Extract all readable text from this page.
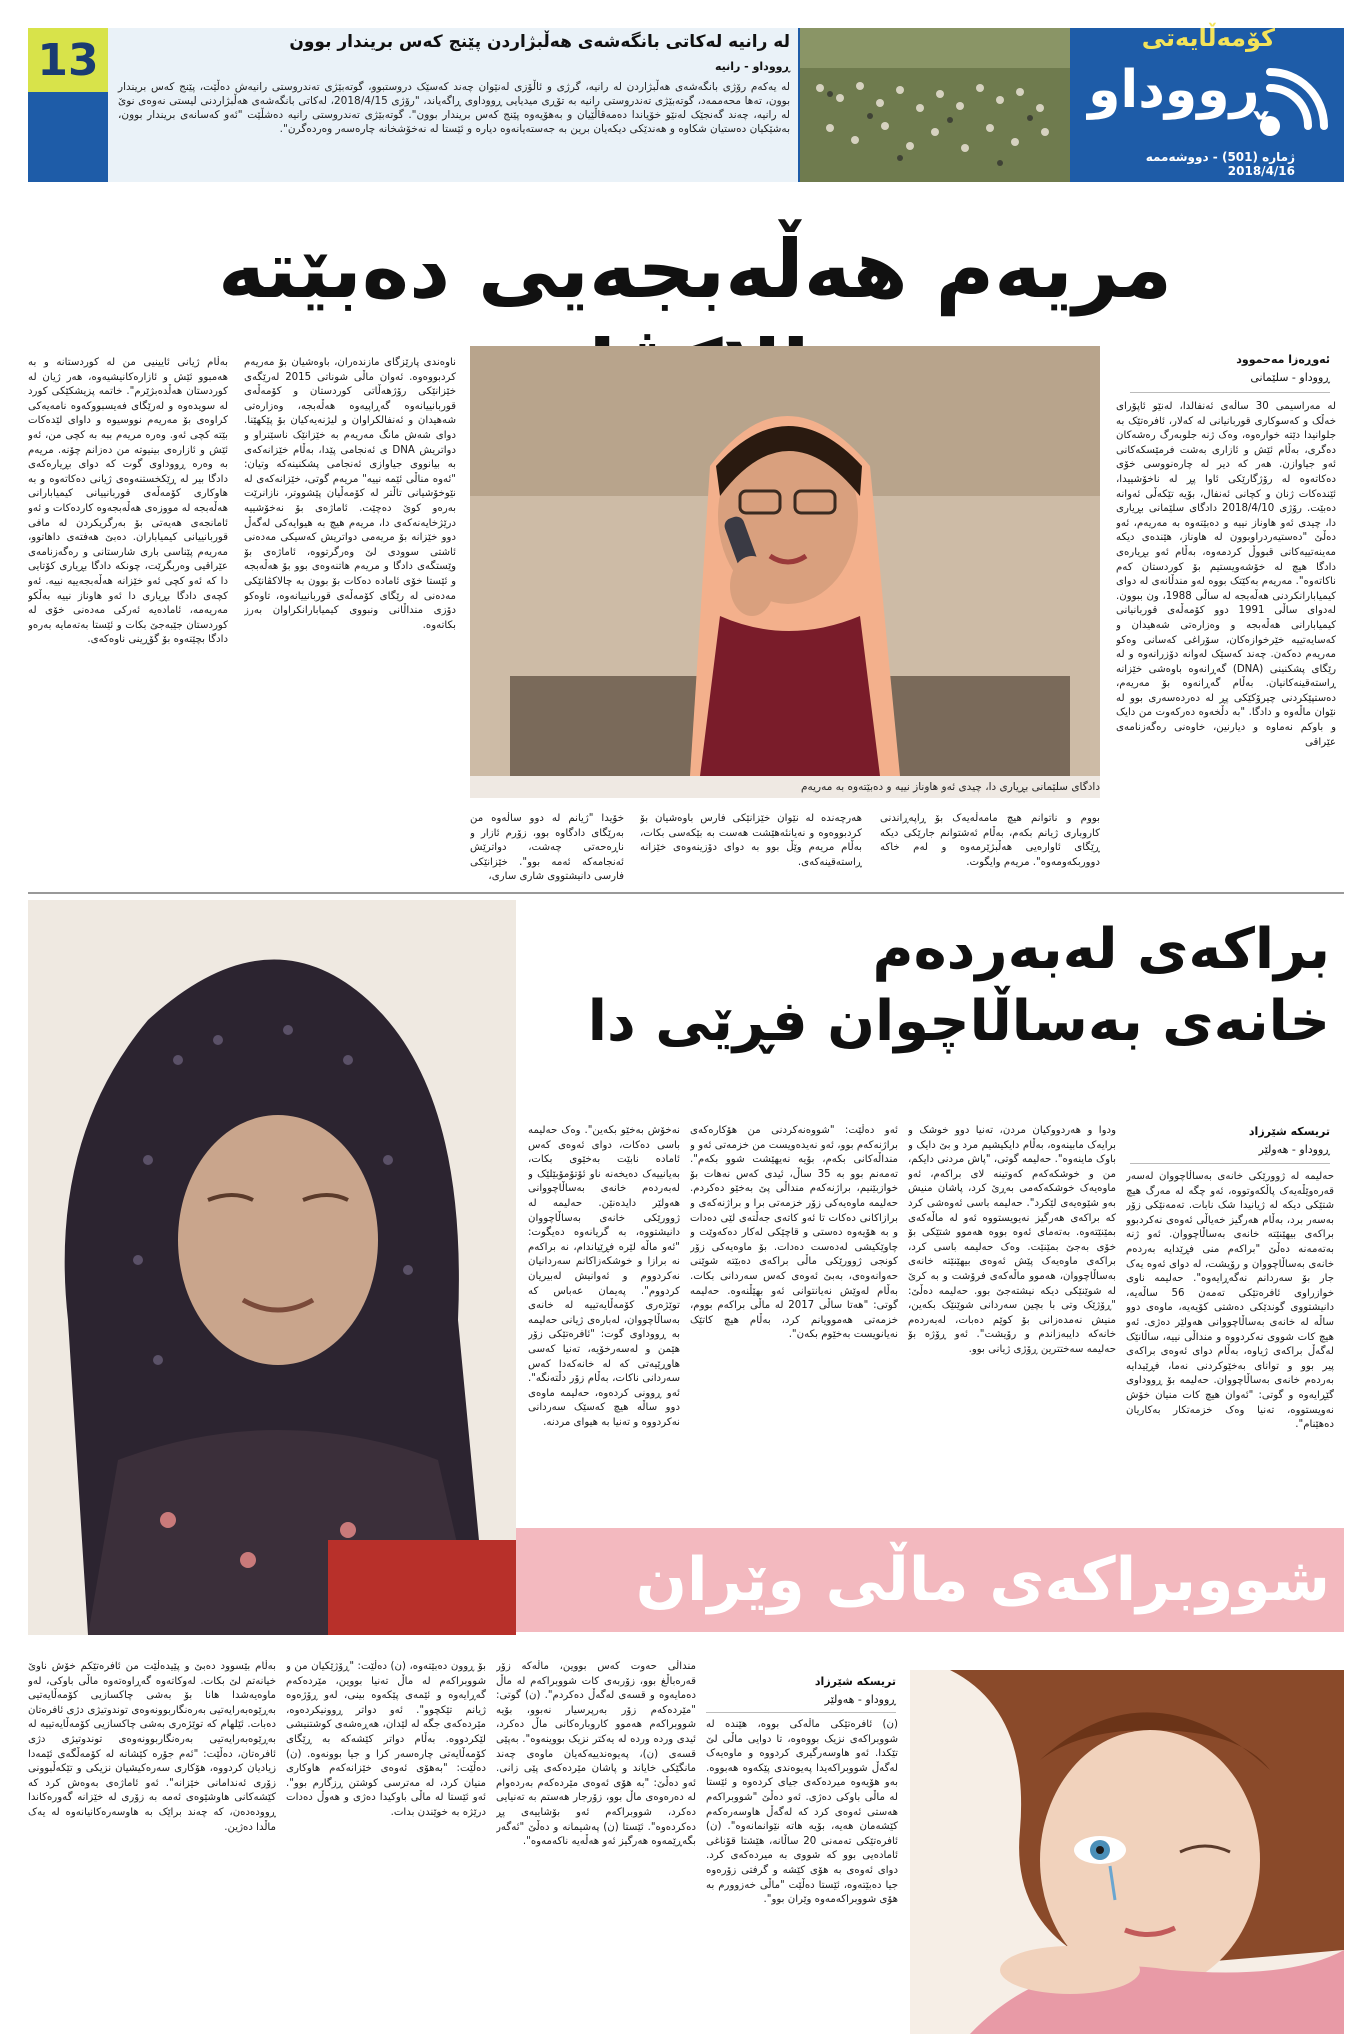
13	لە رانیە لەکاتی بانگەشەی هەڵبژاردن پێنج کەس بریندار بوون
ڕووداو - رانیە
لە یەکەم رۆژی بانگەشەی هەڵبژاردن لە رانیە، گرژی و ئاڵۆزی لەنێوان چەند کەسێک دروستبوو، گوتەبێژی تەندروستی رانیەش دەڵێت، پێنج کەس بریندار بوون، تەها محەممەد، گوتەبێژی تەندروستی رانیە بە تۆڕی میدیایی ڕووداوی ڕاگەیاند، "رۆژی 2018/4/15، لەکاتی بانگەشەی هەڵبژاردنی لیستی نەوەی نوێ لە رانیە، چەند گەنجێک لەنێو خۆیاندا دەمەقاڵێیان و بەهۆیەوە پێنج کەس بریندار بوون". گوتەبێژی تەندروستی رانیە دەشڵێت "ئەو کەسانەی بریندار بوون، بەشێکیان دەستیان شکاوە و هەندێکی دیکەیان برین بە جەستەیانەوە دیارە و ئێستا لە نەخۆشخانە چارەسەر وەردەگرن".
کۆمەڵایەتی
ڕووداو
ژمارە (501) - دووشەممە 2018/4/16
مریەم هەڵەبجەیی دەبێتە
دادگای سلێمانی بڕیاری دا، چیدی ئەو هاوناز نییە و دەبێتەوە بە مەریەم
ئەوڕەزا مەحموود
ڕووداو - سلێمانی
لە مەراسیمی 30 ساڵەی ئەنفالدا، لەنێو ئاپۆرای خەڵک و کەسوکاری قوربانیانی لە کەلار، ئافرەتێک بە جلوانیدا دێتە خوارەوە، وەک ژنە جلوبەرگ رەشەکان دەگری، بەڵام ئێش و ئازاری بەشت فرمێسکەکانی ئەو جیاوازن. هەر کە دیر لە چارەنووسی خۆی دەکاتەوە لە رۆژگارێکی ئاوا پڕ لە ناخۆشییدا، ئێندەکات ژنان و کچانی ئەنفال، بۆیە تێکەڵی ئەوانە دەبێت. رۆژی 2018/4/10 دادگای سلێمانی بڕیاری دا، چیدی ئەو هاوناز نییە و دەبێتەوە بە مەریەم، ئەو دەڵێ "دەستیەردراوبوون لە هاوناز، هێندەی دیکە مەینەتییەکانی قبووڵ کردمەوە، بەڵام ئەو بڕیارەی دادگا هیچ لە خۆشەویستیم بۆ کوردستان کەم ناکاتەوە". مەریەم بەکێتک بووە لەو مندڵانەی لە دوای کیمیابارانکردنی هەڵەبجە لە ساڵی 1988، ون ببوون. لەدوای ساڵی 1991 دوو کۆمەڵەی قوربانیانی کیمیابارانی هەڵەبجە و وەزارەتی شەهیدان و کەسایەتییە خێرخوازەکان، سۆراغی کەسانی وەکو مەریەم دەکەن. چەند کەسێک لەوانە دۆزرانەوە و لە رێگای پشکنینی (DNA) گەڕانەوە باوەشی خێزانە ڕاستەقینەکانیان. بەڵام گەڕانەوە بۆ مەریەم، دەستپێکردنی چیرۆکێکی پڕ لە دەردەسەری بوو لە نێوان ماڵەوە و دادگا. "بە دڵخەوە دەرکەوت من دایک و باوکم نەماوە و دیارنین، خاوەنی رەگەزنامەی عێراقی
بووم و ناتوانم هیچ مامەڵەیەک بۆ ڕاپەڕاندنی کاروباری ژیانم بکەم، بەڵام ئەشتوانم جارێکی دیکە ڕێگای ئاوارەیی هەڵبژێرمەوە و لەم خاکە دووربکەومەوە". مریەم وایگوت.
هەرچەندە لە نێوان خێزانێکی فارس باوەشیان بۆ کردبووەوە و نەیانئەهێشت هەست بە بێکەسی بکات، بەڵام مریەم وێڵ بوو بە دوای دۆزینەوەی خێزانە ڕاستەقینەکەی.
خۆیدا "ژیانم لە دوو ساڵەوە من بەرێگای دادگاوە بوو، زۆرم ئازار و ناڕەحەتی چەشت، دواترێش ئەنجامەکە ئەمە بوو". خێزانێکی فارسی دانیشتووی شاری ساری،
ناوەندی پارێزگای مازندەران، باوەشیان بۆ مەریەم کردبووەوە. ئەوان ماڵی شوناتی 2015 لەرێگەی خێزانێکی رۆژهەڵاتی کوردستان و کۆمەڵەی قوربانییانەوە گەڕاپیەوە هەڵەبجە، وەزارەتی شەهیدان و ئەنفالکراوان و لیژنەیەکیان بۆ پێکهێنا. دوای شەش مانگ مەریەم بە خێزانێک ناسێنراو و دواتریش DNA ی ئەنجامی پێدا، بەڵام خێزانەکەی بە بیانووی جیاوازی ئەنجامی پشکنینەکە وتیان: "ئەوە مناڵی ئێمە نییە" مریەم گوتی، خێزانەکەی لە نێوخۆشیانی تاڵتر لە کۆمەڵیان پێشووتر، نازانرێت بەرەو کوێ دەچێت. ئاماژەی بۆ نەخۆشییە درێژخایەنەکەی دا، مریەم هیچ بە هیوایەکی لەگەڵ دوو خێزانە بۆ مریەمی دواتریش کەسیکی مەدەنی ئاشتی سوودی لێ وەرگرتووە، ئاماژەی بۆ وێستگەی دادگا و مریەم هاتنەوەی بوو بۆ هەڵەبجە و ئێستا خۆی ئامادە دەکات بۆ بوون بە چالاکڤانێکی مەدەنی لە رێگای کۆمەڵەی قوربانییانەوە، تاوەکو دۆزی منداڵانی ونبووی کیمیابارانکراوان بەرز بکاتەوە.
بەڵام ژیانی ئایینیی من لە کوردستانە و بە هەمبوو ئێش و ئازارەکانیشیەوە، هەر ژیان لە کوردستان هەڵدەبژێرم". خاتمە پزیشکێکی کورد لە سویدەوە و لەرێگای فەیسبووکەوە نامەیەکی کراوەی بۆ مەریەم نووسیوە و داوای لێدەکات بێتە کچی ئەو. وەرە مریەم ببە بە کچی من، ئەو ئێش و ئازارەی بینیوتە من دەزانم چۆنە. مریەم بە وەرە ڕووداوی گوت کە دوای بڕیارەکەی دادگا بیر لە ڕێکخستنەوەی ژیانی دەکاتەوە و بە هاوکاری کۆمەڵەی قوربانییانی کیمیابارانی هەڵەبجە لە مووزەی هەڵەبجەوە کاردەکات و ئەو ئامانجەی هەیەتی بۆ بەرگریکردن لە مافی قوربانییانی کیمیاباران. دەبێ هەفتەی داهاتوو، مەریەم پێناسی باری شارستانی و رەگەزنامەی عێراقیی وەربگرێت، چونکە دادگا بڕیاری کۆتایی دا کە ئەو کچی ئەو خێزانە هەڵەبجەییە نییە. ئەو کچەی دادگا بڕیاری دا ئەو هاوناز نییە بەڵکو مەریەمە، ئامادەیە ئەرکی مەدەنی خۆی لە کوردستان جێبەجێ بکات و ئێستا بەتەمایە بەرەو دادگا بچێتەوە بۆ گۆڕینی ناوەکەی.
براکەی لەبەردەم
خانەی بەساڵاچوان فڕێی دا
تریسکە شێرزاد
ڕووداو - هەولێر
حەلیمە لە ژوورێکی خانەی بەساڵاچووان لەسەر قەرەوێڵەیەک پاڵکەوتووە، ئەو چگە لە مەرگ هیچ شتێکی دیکە لە ژیانیدا شک نابات. تەمەنێکی زۆر بەسەر برد، بەڵام هەرگیز خەیاڵی ئەوەی نەکردبوو براکەی بیهێنێتە خانەی بەساڵاچووان. ئەو ژنە بەتەمەنە دەڵێ "براکەم منی فڕێدایە بەردەم خانەی بەساڵاچووان و رۆیشت، لە دوای ئەوە یەک جار بۆ سەردانم نەگەڕایەوە". حەلیمە ناوی خوازراوی ئافرەتێکی تەمەن 56 ساڵەیە، دانیشتووی گوندێکی دەشتی کۆیەیە، ماوەی دوو ساڵە لە خانەی بەساڵاچووانی هەولێر دەژی. ئەو هیچ کات شووی نەکردووە و منداڵی نییە، ساڵانێک لەگەڵ براکەی ژیاوە، بەڵام دوای ئەوەی براکەی پیر بوو و توانای بەخێوکردنی نەما، فڕێیدایە بەردەم خانەی بەساڵاچووان. حەلیمە بۆ ڕووداوی گێڕایەوە و گوتی: "ئەوان هیچ کات منیان خۆش نەویستووە، تەنیا وەک خزمەتکار بەکاریان دەهێنام".
ودوا و هەردووکیان مردن، تەنیا دوو خوشک و برایەک مابینەوە، بەڵام دایکیشیم مرد و بێ دایک و باوک ماینەوە". حەلیمە گوتی، "پاش مردنی دایکم، من و خوشکەکەم کەوتینە لای براکەم، ئەو ماوەیەک خوشکەکەمی بەڕێ کرد، پاشان منیش بەو شێوەیەی لێکرد". حەلیمە باسی ئەوەشی کرد کە براکەی هەرگیز نەیویستووە ئەو لە ماڵەکەی بمێنێتەوە. بەتەمای ئەوە بووە هەموو شتێکی بۆ خۆی بەجێ بمێنێت. وەک حەلیمە باسی کرد، براکەی ماوەیەک پێش ئەوەی بیهێنێتە خانەی بەساڵاچووان، هەموو ماڵەکەی فرۆشت و بە کرێ لە شوێنێکی دیکە نیشتەجێ بوو. حەلیمە دەڵێ: "ڕۆژێک وتی با بچین سەردانی شوێنێک بکەین، منیش نەمدەزانی بۆ کوێم دەبات، لەبەردەم خانەکە دایبەزاندم و رۆیشت". ئەو ڕۆژە بۆ حەلیمە سەختترین ڕۆژی ژیانی بوو.
ئەو دەڵێت: "شووەنەکردنی من هۆکارەکەی براژنەکەم بوو، ئەو نەیدەویست من خزمەتی ئەو و منداڵەکانی بکەم، بۆیە نەیهێشت شوو بکەم". تەمەنم بوو بە 35 ساڵ، ئیدی کەس نەهات بۆ خوازبێنیم، براژنەکەم منداڵی پێ بەخێو دەکردم. حەلیمە ماوەیەکی زۆر خزمەتی برا و براژنەکەی و برازاکانی دەکات تا ئەو کاتەی جەڵتەی لێی دەدات و بە هۆیەوە دەستی و قاچێکی لەکار دەکەوێت و چاوێکیشی لەدەست دەدات. بۆ ماوەیەکی زۆر کونجی ژوورێکی ماڵی براکەی دەبێتە شوێنی حەوانەوەی، بەبێ ئەوەی کەس سەردانی بکات. بەڵام لەوێش نەیانتوانی ئەو بهێڵنەوە. حەلیمە گوتی: "هەتا ساڵی 2017 لە ماڵی براکەم بووم، خزمەتی هەموویانم کرد، بەڵام هیچ کاتێک نەیانویست بەخێوم بکەن".
نەخۆش بەخێو بکەین". وەک حەلیمە باسی دەکات، دوای ئەوەی کەس ئامادە نابێت بەخێوی بکات، بەیانییەک دەیخەنە ناو ئۆتۆمۆبێلێک و لەبەردەم خانەی بەساڵاچووانی هەولێر دایدەنێن. حەلیمە لە ژوورێکی خانەی بەساڵاچووان دانیشتووە، بە گریانەوە دەیگوت: "ئەو ماڵە لێرە فڕێیاندام، نە براکەم نە برازا و خوشکەزاکانم سەردانیان نەکردووم و ئەوانیش لەبیریان کردووم". پەیمان عەباس کە توێژەری کۆمەڵایەتییە لە خانەی بەساڵاچووان، لەبارەی ژیانی حەلیمە بە ڕووداوی گوت: "ئافرەتێکی زۆر هێمن و لەسەرخۆیە، تەنیا کەسی هاوڕێیەتی کە لە خانەکەدا کەس سەردانی ناکات، بەڵام زۆر دڵتەنگە". ئەو ڕوونی کردەوە، حەلیمە ماوەی دوو ساڵە هیچ کەسێک سەردانی نەکردووە و تەنیا بە هیوای مردنە.
شووبراکەی ماڵی وێران
تریسکە شێرزاد
ڕووداو - هەولێر
(ن) ئافرەتێکی ماڵەکی بووە، هێندە لە شووبراکەی نزیک بووەوە، تا دوایی ماڵی لێ تێکدا. ئەو هاوسەرگیری کردووە و ماوەیەک لەگەڵ شووبراکەیدا پەیوەندی پێکەوە هەبووە. بەو هۆیەوە میردەکەی جیای کردەوە و ئێستا لە ماڵی باوکی دەژی. ئەو دەڵێ "شووبراکەم هەستی ئەوەی کرد کە لەگەڵ هاوسەرەکەم کێشەمان هەیە، بۆیە هاتە نێوانمانەوە". (ن) ئافرەتێکی تەمەنی 20 ساڵانە، هێشتا قۆناغی ئامادەیی بوو کە شووی بە میردەکەی کرد. دوای ئەوەی بە هۆی کێشە و گرفتی زۆرەوە جیا دەبێتەوە، ئێستا دەڵێت "ماڵی خەزوورم بە هۆی شووبراکەمەوە وێران بوو".
منداڵی حەوت کەس بووین، ماڵەکە زۆر قەرەباڵغ بوو، زۆربەی کات شووبراکەم لە ماڵ دەمایەوە و قسەی لەگەڵ دەکردم". (ن) گوتی: "مێردەکەم زۆر بەرپرسیار نەبوو، بۆیە شووبراکەم هەموو کاروبارەکانی ماڵ دەکرد، ئیدی ورده ورده لە یەکتر نزیک بووینەوە". بەپێی قسەی (ن)، پەیوەندییەکەیان ماوەی چەند مانگێکی خایاند و پاشان مێردەکەی پێی زانی. ئەو دەڵێ: "بە هۆی ئەوەی مێردەکەم بەردەوام لە دەرەوەی ماڵ بوو، زۆرجار هەستم بە تەنیایی دەکرد، شووبراکەم ئەو بۆشاییەی پڕ دەکردەوە". ئێستا (ن) پەشیمانە و دەڵێ "ئەگەر بگەڕێمەوە هەرگیز ئەو هەڵەیە ناکەمەوە".
بۆ ڕوون دەبێتەوە، (ن) دەڵێت: "ڕۆژێکیان من و شووبراکەم لە ماڵ تەنیا بووین، مێردەکەم گەڕایەوە و ئێمەی پێکەوە بینی، لەو ڕۆژەوە ژیانم تێکچوو". ئەو دواتر ڕوونیکردەوە، مێردەکەی جگە لە لێدان، هەڕەشەی کوشتنیشی لێکردووە. بەڵام دواتر کێشەکە بە ڕێگای کۆمەڵایەتی چارەسەر کرا و جیا بوونەوە. (ن) دەڵێت: "بەهۆی ئەوەی خێزانەکەم هاوکاری منیان کرد، لە مەترسی کوشتن ڕزگارم بوو". ئەو ئێستا لە ماڵی باوکیدا دەژی و هەوڵ دەدات درێژە بە خوێندن بدات.
بەڵام بێسوود دەبێ و پێیدەڵێت من ئافرەتێکم خۆش ناوێ خیانەتم لێ بکات. لەوکاتەوە گەڕاوەتەوە ماڵی باوکی، لەو ماوەیەشدا هانا بۆ بەشی چاکسازیی کۆمەڵایەتیی بەڕێوەبەرایەتیی بەرەنگاربوونەوەی توندوتیژی دژی ئافرەتان دەبات. ئێلهام کە توێژەری بەشی چاکسازیی کۆمەڵایەتییە لە بەڕێوەبەرایەتیی بەرەنگاربوونەوەی توندوتیژی دژی ئافرەتان، دەڵێت: "ئەم جۆرە کێشانە لە کۆمەڵگەی ئێمەدا زیادیان کردووە، هۆکاری سەرەکیشیان نزیکی و تێکەڵبوونی زۆری ئەندامانی خێزانە". ئەو ئاماژەی بەوەش کرد کە کێشەکانی هاوشێوەی ئەمە بە زۆری لە خێزانە گەورەکاندا ڕوودەدەن، کە چەند براێک بە هاوسەرەکانیانەوە لە یەک ماڵدا دەژین.
